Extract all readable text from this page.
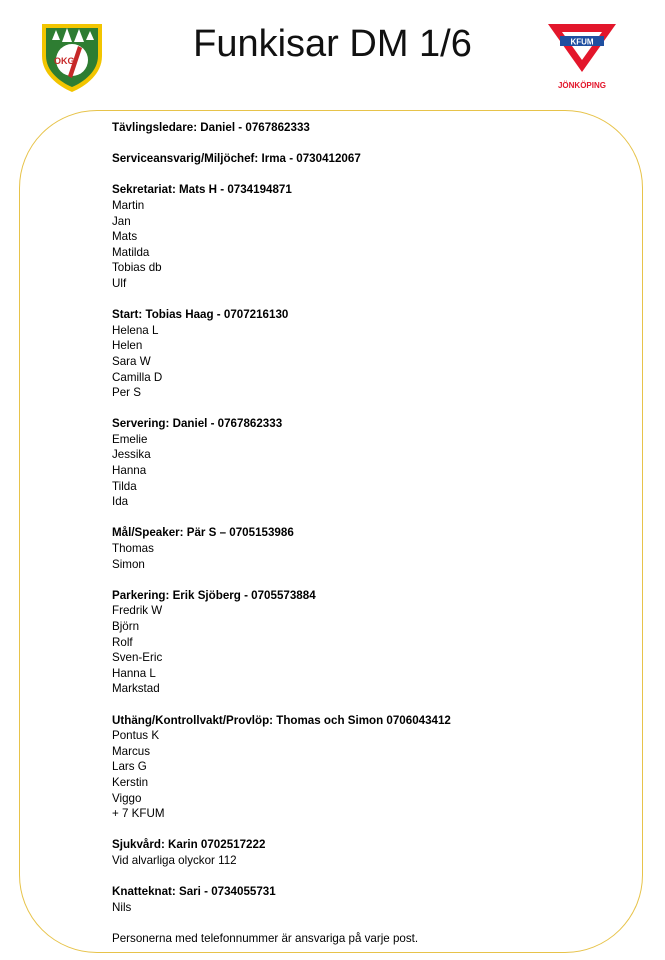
Funkisar DM 1/6
OKG
KFUM
JÖNKÖPING
Tävlingsledare: Daniel - 0767862333
Serviceansvarig/Miljöchef: Irma - 0730412067
Sekretariat: Mats H - 0734194871
Martin
Jan
Mats
Matilda
Tobias db
Ulf
Start: Tobias Haag - 0707216130
Helena L
Helen
Sara W
Camilla D
Per S
Servering: Daniel - 0767862333
Emelie
Jessika
Hanna
Tilda
Ida
Mål/Speaker: Pär S – 0705153986
Thomas
Simon
Parkering: Erik Sjöberg - 0705573884
Fredrik W
Björn
Rolf
Sven-Eric
Hanna L
Markstad
Uthäng/Kontrollvakt/Provlöp: Thomas och Simon 0706043412
Pontus K
Marcus
Lars G
Kerstin
Viggo
+ 7 KFUM
Sjukvård: Karin 0702517222
Vid alvarliga olyckor 112
Knatteknat: Sari - 0734055731
Nils
Personerna med telefonnummer är ansvariga på varje post.
